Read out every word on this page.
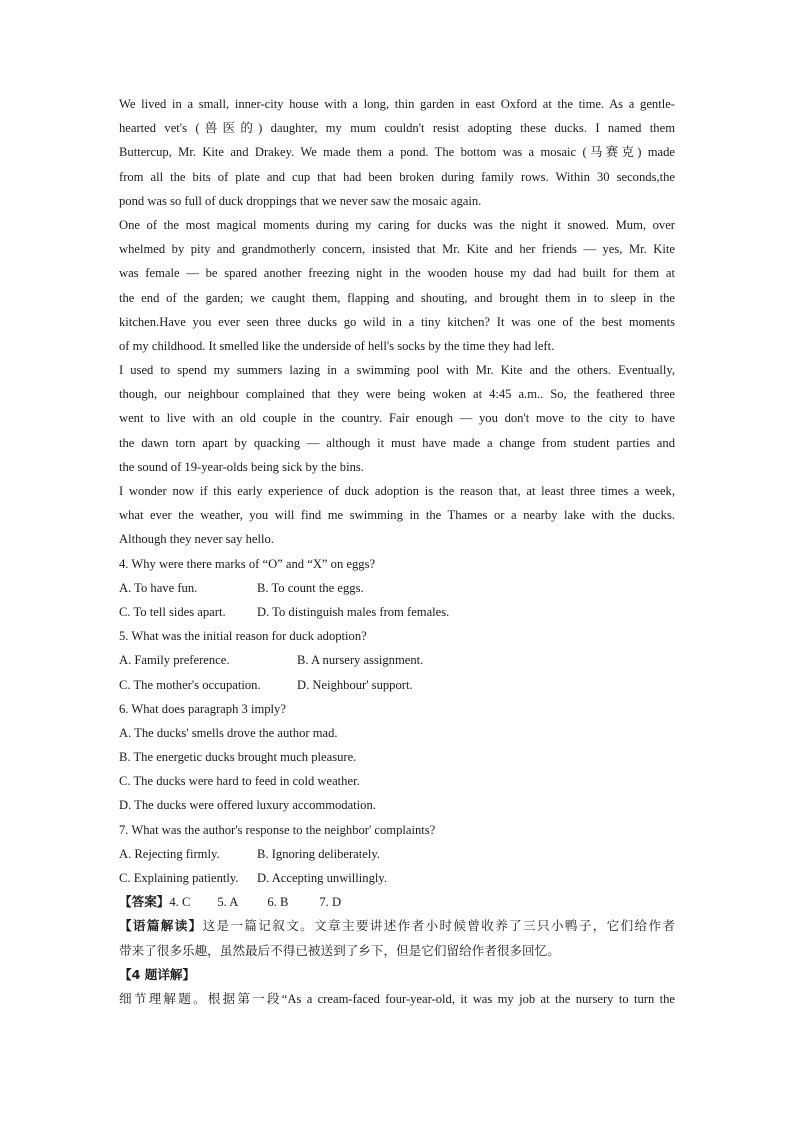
We lived in a small, inner-city house with a long, thin garden in east Oxford at the time. As a gentle-
hearted vet's (兽医的) daughter, my mum couldn't resist adopting these ducks. I named them
Buttercup, Mr. Kite and Drakey. We made them a pond. The bottom was a mosaic (马赛克) made
from all the bits of plate and cup that had been broken during family rows. Within 30 seconds,the
pond was so full of duck droppings that we never saw the mosaic again.
One of the most magical moments during my caring for ducks was the night it snowed. Mum, over
whelmed by pity and grandmotherly concern, insisted that Mr. Kite and her friends — yes, Mr. Kite
was female — be spared another freezing night in the wooden house my dad had built for them at
the end of the garden; we caught them, flapping and shouting, and brought them in to sleep in the
kitchen.Have you ever seen three ducks go wild in a tiny kitchen? It was one of the best moments
of my childhood. It smelled like the underside of hell's socks by the time they had left.
I used to spend my summers lazing in a swimming pool with Mr. Kite and the others. Eventually,
though, our neighbour complained that they were being woken at 4:45 a.m.. So, the feathered three
went to live with an old couple in the country. Fair enough — you don't move to the city to have
the dawn torn apart by quacking — although it must have made a change from student parties and
the sound of 19-year-olds being sick by the bins.
I wonder now if this early experience of duck adoption is the reason that, at least three times a week,
what ever the weather, you will find me swimming in the Thames or a nearby lake with the ducks.
Although they never say hello.
4. Why were there marks of “O” and “X” on eggs?
A. To have fun.	B. To count the eggs.
C. To tell sides apart. D. To distinguish males from females.
5. What was the initial reason for duck adoption?
A. Family preference.	B. A nursery assignment.
C. The mother's occupation.	D. Neighbour' support.
6. What does paragraph 3 imply?
A. The ducks' smells drove the author mad.
B. The energetic ducks brought much pleasure.
C. The ducks were hard to feed in cold weather.
D. The ducks were offered luxury accommodation.
7. What was the author's response to the neighbor' complaints?
A. Rejecting firmly.	B. Ignoring deliberately.
C. Explaining patiently. D. Accepting unwillingly.
【答案】4. C 5. A 6. B 7. D
【语篇解读】这是一篇记叙文。文章主要讲述作者小时候曾收养了三只小鸭子，它们给作者
带来了很多乐趣，虽然最后不得已被送到了乡下，但是它们留给作者很多回忆。
【4 题详解】
细节理解题。根据第一段“As a cream-faced four-year-old, it was my job at the nursery to turn the
